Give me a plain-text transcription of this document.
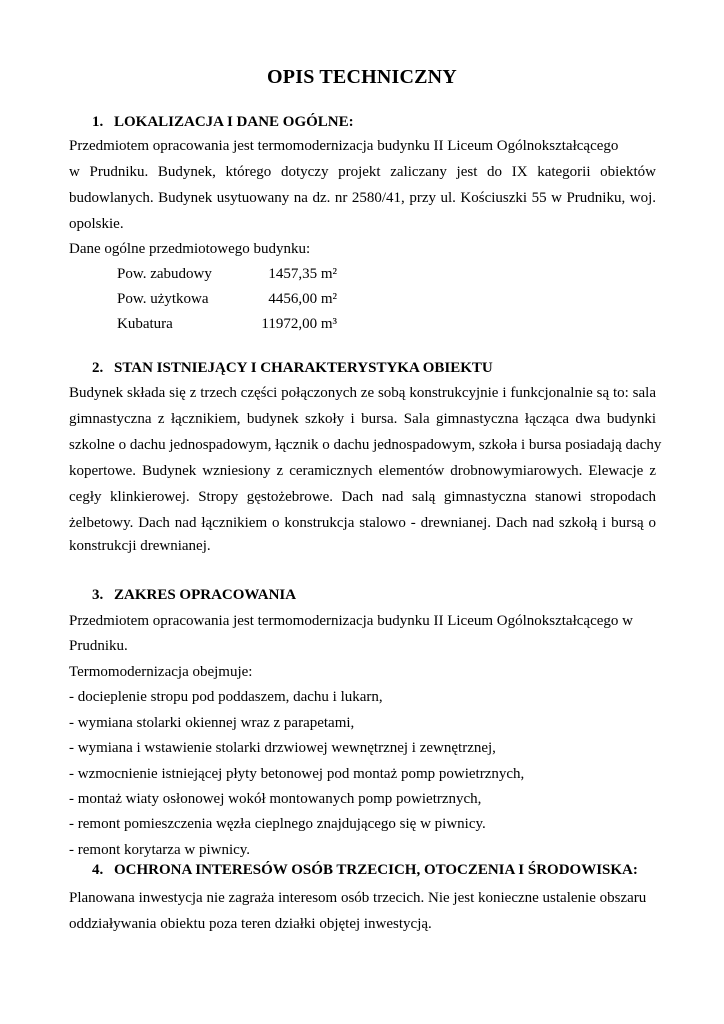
OPIS TECHNICZNY
1. LOKALIZACJA I DANE OGÓLNE:
Przedmiotem opracowania jest termomodernizacja budynku II Liceum Ogólnokształcącego
w Prudniku. Budynek, którego dotyczy projekt zaliczany jest do IX kategorii obiektów
budowlanych. Budynek usytuowany na dz. nr 2580/41, przy ul. Kościuszki 55 w Prudniku, woj.
opolskie.
Dane ogólne przedmiotowego budynku:
Pow. zabudowy	1457,35 m²
Pow. użytkowa	4456,00 m²
Kubatura	11972,00 m³
2. STAN ISTNIEJĄCY I CHARAKTERYSTYKA OBIEKTU
Budynek składa się z trzech części połączonych ze sobą konstrukcyjnie i funkcjonalnie są to: sala
gimnastyczna z łącznikiem, budynek szkoły i bursa. Sala gimnastyczna łącząca dwa budynki
szkolne o dachu jednospadowym, łącznik o dachu jednospadowym, szkoła i bursa posiadają dachy
kopertowe. Budynek wzniesiony z ceramicznych elementów drobnowymiarowych. Elewacje z
cegły klinkierowej. Stropy gęstożebrowe. Dach nad salą gimnastyczna stanowi stropodach
żelbetowy. Dach nad łącznikiem o konstrukcja stalowo - drewnianej. Dach nad szkołą i bursą o
konstrukcji drewnianej.
3. ZAKRES OPRACOWANIA
Przedmiotem opracowania jest termomodernizacja budynku II Liceum Ogólnokształcącego w
Prudniku.
Termomodernizacja obejmuje:
- docieplenie stropu pod poddaszem, dachu i lukarn,
- wymiana stolarki okiennej wraz z parapetami,
- wymiana i wstawienie stolarki drzwiowej wewnętrznej i zewnętrznej,
- wzmocnienie istniejącej płyty betonowej pod montaż pomp powietrznych,
- montaż wiaty osłonowej wokół montowanych pomp powietrznych,
- remont pomieszczenia węzła cieplnego znajdującego się w piwnicy.
- remont korytarza w piwnicy.
4. OCHRONA INTERESÓW OSÓB TRZECICH, OTOCZENIA I ŚRODOWISKA:
Planowana inwestycja nie zagraża interesom osób trzecich. Nie jest konieczne ustalenie obszaru
oddziaływania obiektu poza teren działki objętej inwestycją.
